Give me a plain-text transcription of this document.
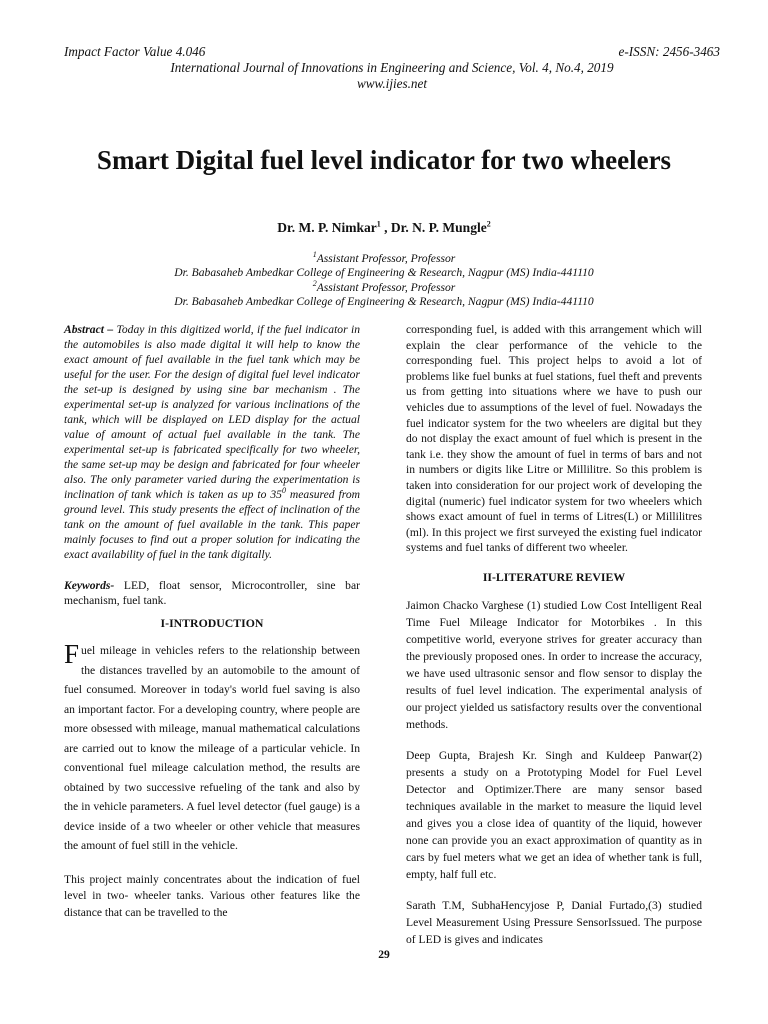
Impact Factor Value 4.046	e-ISSN: 2456-3463
International Journal of Innovations in Engineering and Science, Vol. 4, No.4, 2019
www.ijies.net
Smart Digital fuel level indicator for two wheelers
Dr. M. P. Nimkar$^1$ , Dr. N. P. Mungle$^2$
$^1$Assistant Professor, Professor
Dr. Babasaheb Ambedkar College of Engineering & Research, Nagpur (MS) India-441110
$^2$Assistant Professor, Professor
Dr. Babasaheb Ambedkar College of Engineering & Research, Nagpur (MS) India-441110

Abstract – Today in this digitized world, if the fuel indicator in the automobiles is also made digital it will help to know the exact amount of fuel available in the fuel tank which may be useful for the user. For the design of digital fuel level indicator the set-up is designed by using sine bar mechanism . The experimental set-up is analyzed for various inclinations of the tank, which will be displayed on LED display for the actual value of amount of actual fuel available in the tank. The experimental set-up is fabricated specifically for two wheeler, the same set-up may be design and fabricated for four wheeler also. The only parameter varied during the experimentation is inclination of tank which is taken as up to $35^0$ measured from ground level. This study presents the effect of inclination of the tank on the amount of fuel available in the tank. This paper mainly focuses to find out a proper solution for indicating the exact availability of fuel in the tank digitally.

Keywords- LED, float sensor, Microcontroller, sine bar mechanism, fuel tank.

I-INTRODUCTION

Fuel mileage in vehicles refers to the relationship between the distances travelled by an automobile to the amount of fuel consumed. Moreover in today's world fuel saving is also an important factor. For a developing country, where people are more obsessed with mileage, manual mathematical calculations are carried out to know the mileage of a particular vehicle. In conventional fuel mileage calculation method, the results are obtained by two successive refueling of the tank and also by the in vehicle parameters. A fuel level detector (fuel gauge) is a device inside of a two wheeler or other vehicle that measures the amount of fuel still in the vehicle.

This project mainly concentrates about the indication of fuel level in two- wheeler tanks. Various other features like the distance that can be travelled to the

corresponding fuel, is added with this arrangement which will explain the clear performance of the vehicle to the corresponding fuel. This project helps to avoid a lot of problems like fuel bunks at fuel stations, fuel theft and prevents us from getting into situations where we have to push our vehicles due to assumptions of the level of fuel. Nowadays the fuel indicator system for the two wheelers are digital but they do not display the exact amount of fuel which is present in the tank i.e. they show the amount of fuel in terms of bars and not in numbers or digits like Litre or Millilitre. So this problem is taken into consideration for our project work of developing the digital (numeric) fuel indicator system for two wheelers which shows exact amount of fuel in terms of Litres(L) or Millilitres (ml). In this project we first surveyed the existing fuel indicator systems and fuel tanks of different two wheeler.

II-LITERATURE REVIEW

Jaimon Chacko Varghese (1) studied Low Cost Intelligent Real Time Fuel Mileage Indicator for Motorbikes . In this competitive world, everyone strives for greater accuracy than the previously proposed ones. In order to increase the accuracy, we have used ultrasonic sensor and flow sensor to display the results of fuel level indication. The experimental analysis of our project yielded us satisfactory results over the conventional methods.

Deep Gupta, Brajesh Kr. Singh and Kuldeep Panwar(2) presents a study on a Prototyping Model for Fuel Level Detector and Optimizer.There are many sensor based techniques available in the market to measure the liquid level and gives you a close idea of quantity of the liquid, however none can provide you an exact approximation of quantity as in cars by fuel meters what we get an idea of whether tank is full, empty, half full etc.

Sarath T.M, SubhaHencyjose P, Danial Furtado,(3) studied Level Measurement Using Pressure SensorIssued. The purpose of LED is gives and indicates

29
